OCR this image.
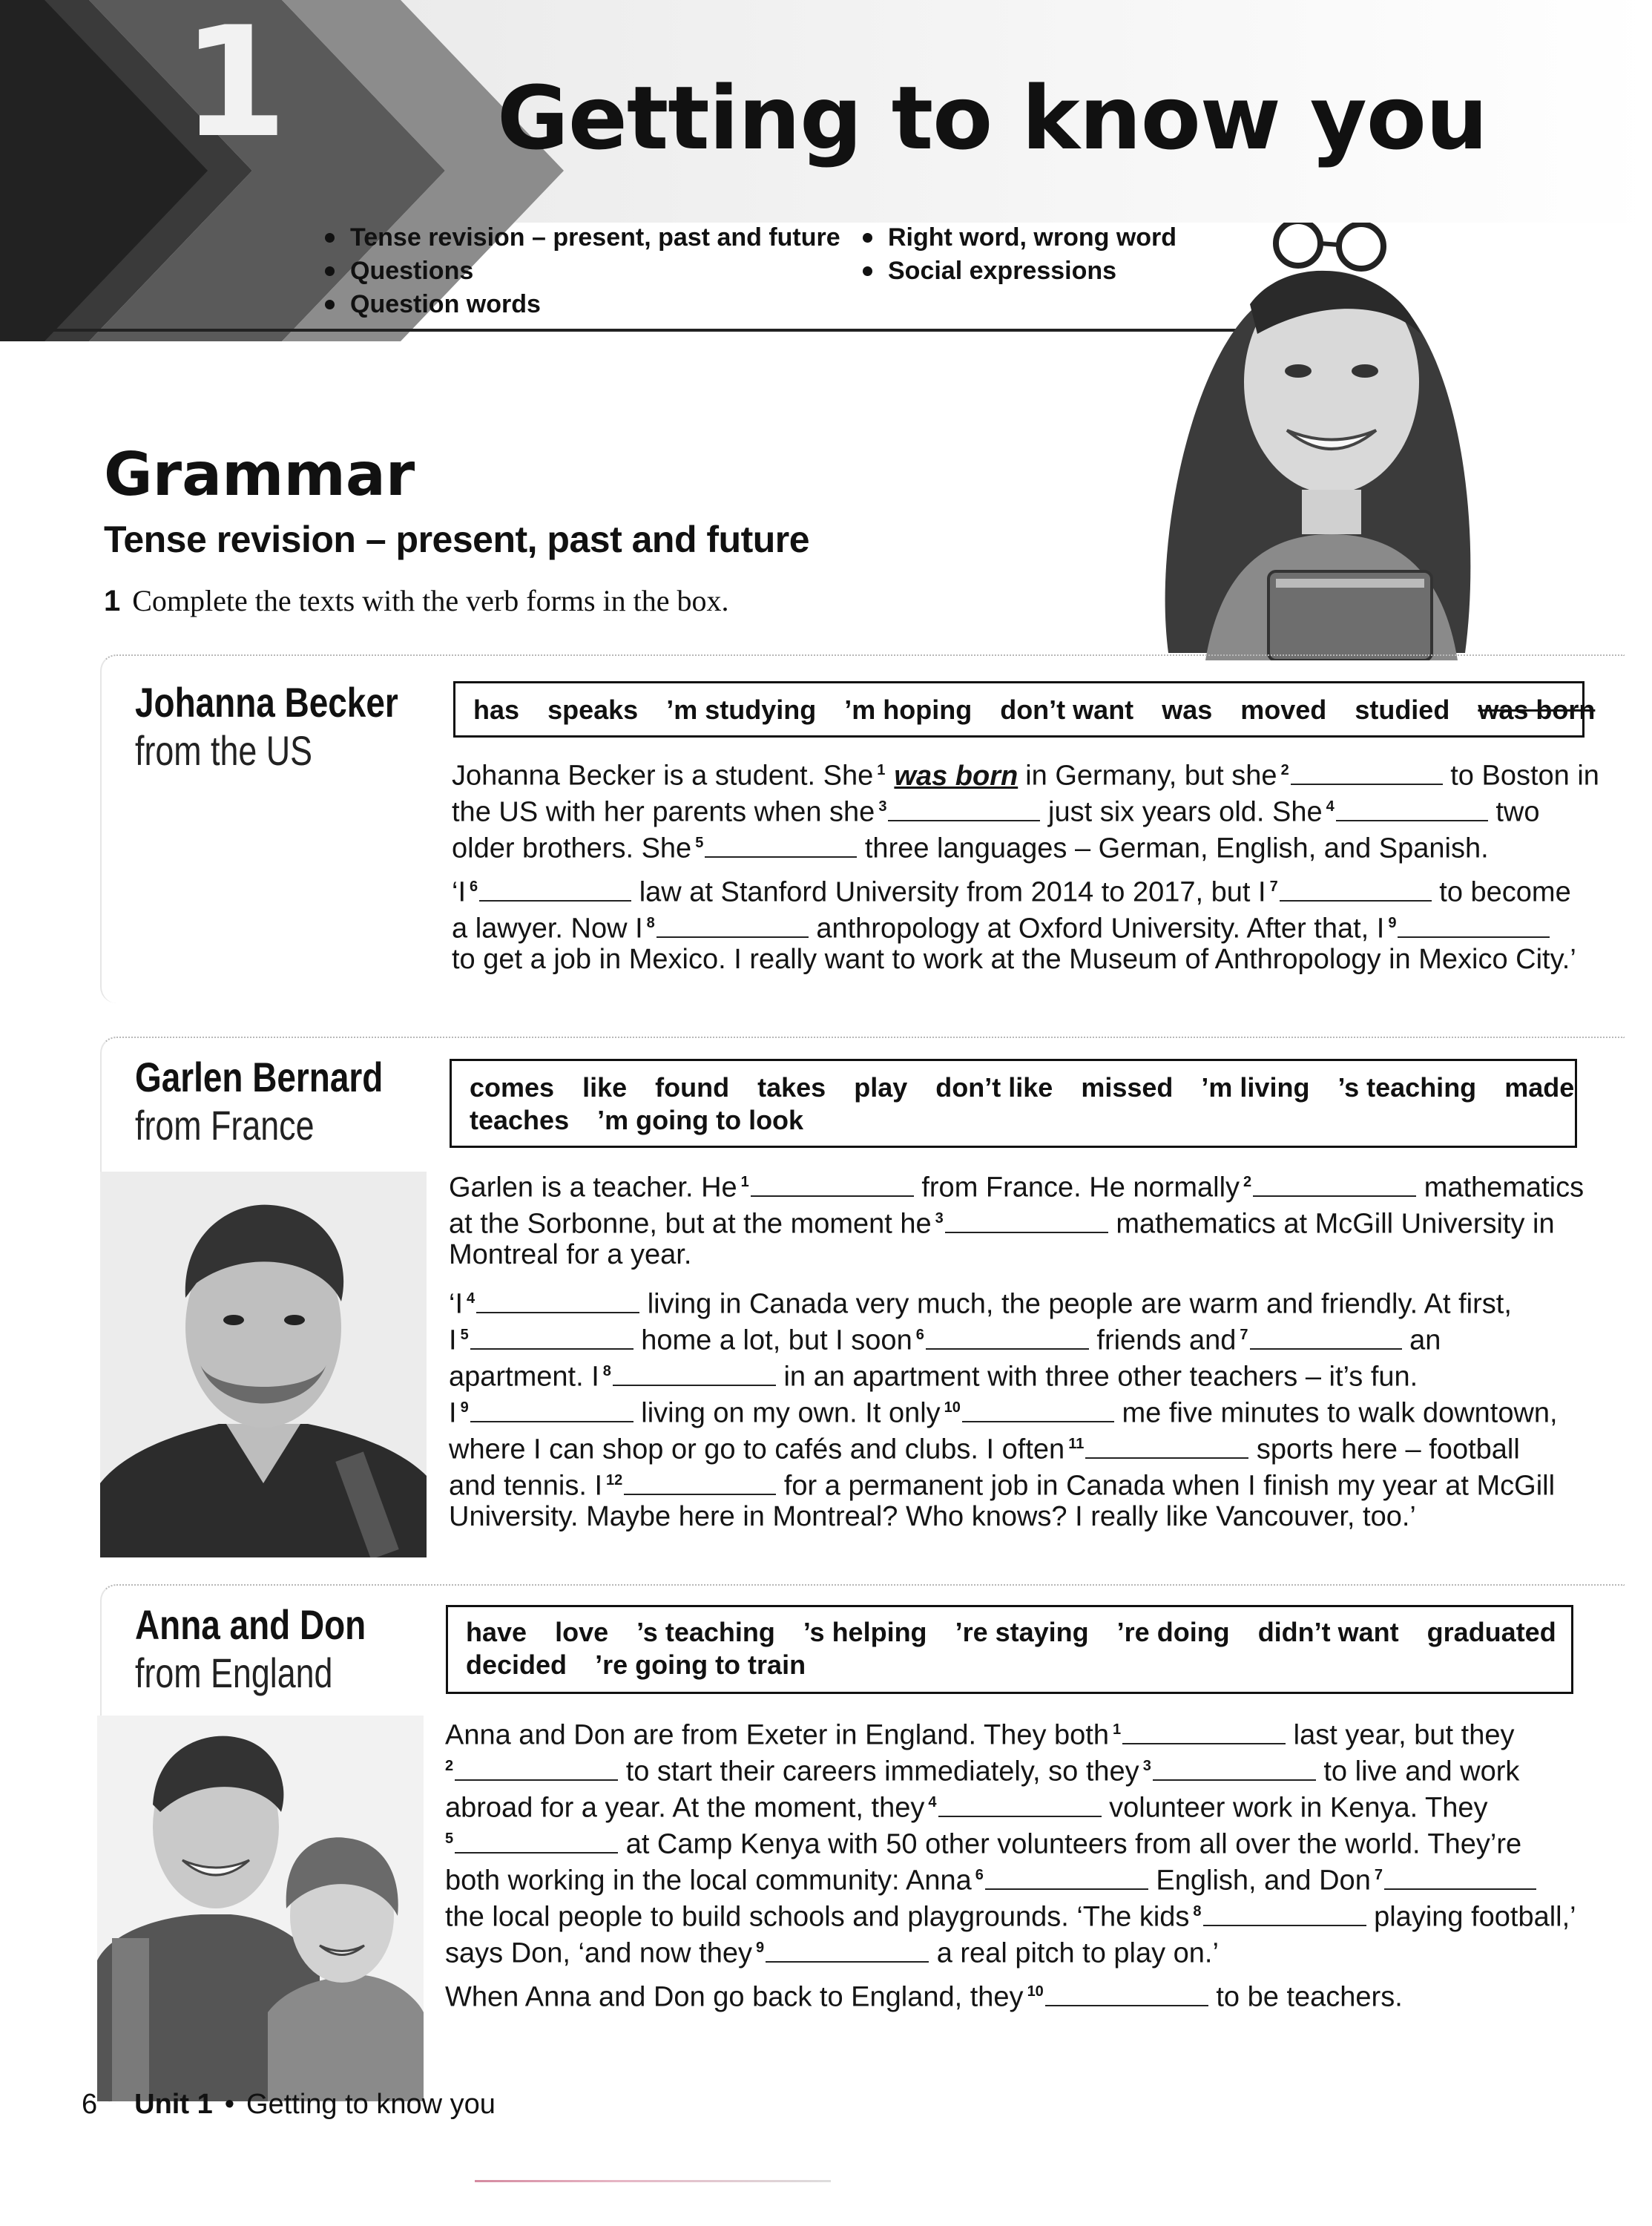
1 Getting to know you
Tense revision – present, past and future
Questions
Question words
Right word, wrong word
Social expressions
Grammar
Tense revision – present, past and future
1 Complete the texts with the verb forms in the box.
Johanna Becker
from the US
has speaks ’m studying ’m hoping don’t want was moved studied was born
Johanna Becker is a student. She $^1$ was born in Germany, but she $^2$	to Boston in
the US with her parents when she $^3$	just six years old. She $^4$	two
older brothers. She $^5$	three languages – German, English, and Spanish.
‘I $^6$	law at Stanford University from 2014 to 2017, but I $^7$	to become
a lawyer. Now I $^8$	anthropology at Oxford University. After that, I $^9$
to get a job in Mexico. I really want to work at the Museum of Anthropology in Mexico City.’
Garlen Bernard
from France
comes like found takes play don’t like missed ’m living ’s teaching made
teaches ’m going to look
Garlen is a teacher. He $^1$	from France. He normally $^2$	mathematics
at the Sorbonne, but at the moment he $^3$	mathematics at McGill University in
Montreal for a year.
‘I $^4$	living in Canada very much, the people are warm and friendly. At first,
I $^5$	home a lot, but I soon $^6$	friends and $^7$	an
apartment. I $^8$	in an apartment with three other teachers – it’s fun.
I $^9$	living on my own. It only $^{10}$	me five minutes to walk downtown,
where I can shop or go to cafés and clubs. I often $^{11}$	sports here – football
and tennis. I $^{12}$	for a permanent job in Canada when I finish my year at McGill
University. Maybe here in Montreal? Who knows? I really like Vancouver, too.’
Anna and Don
from England
have love ’s teaching ’s helping ’re staying ’re doing didn’t want graduated
decided ’re going to train
Anna and Don are from Exeter in England. They both $^1$	last year, but they
$^2$	to start their careers immediately, so they $^3$	to live and work
abroad for a year. At the moment, they $^4$	volunteer work in Kenya. They
$^5$	at Camp Kenya with 50 other volunteers from all over the world. They’re
both working in the local community: Anna $^6$	English, and Don $^7$
the local people to build schools and playgrounds. ‘The kids $^8$	playing football,’
says Don, ‘and now they $^9$	a real pitch to play on.’
When Anna and Don go back to England, they $^{10}$	to be teachers.
6 Unit 1 • Getting to know you
